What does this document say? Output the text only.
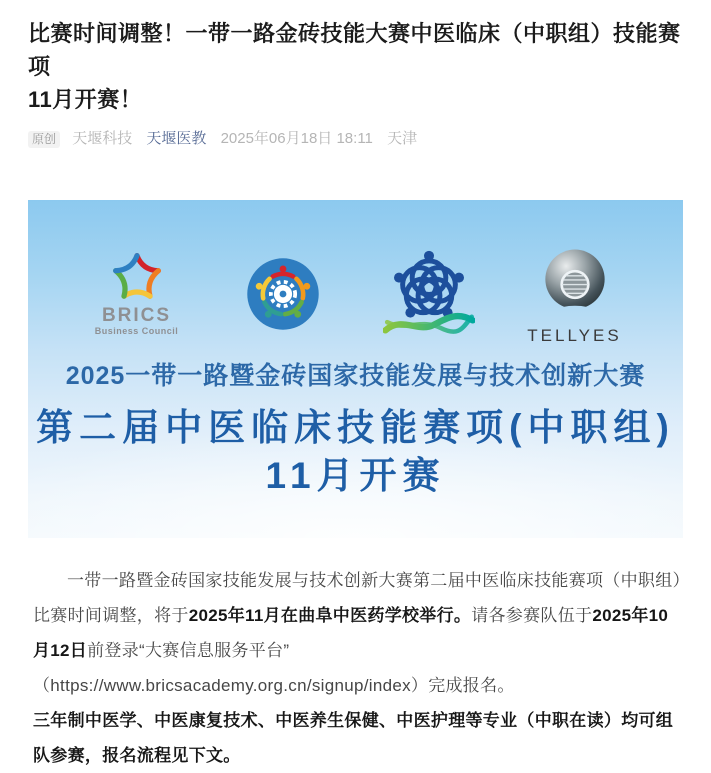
比赛时间调整！一带一路金砖技能大赛中医临床（中职组）技能赛项
11月开赛！
原创 天堰科技 天堰医教 2025年06月18日 18:11 天津
BRICS
Business Council	TELLYES
2025一带一路暨金砖国家技能发展与技术创新大赛
第二届中医临床技能赛项(中职组)
11月开赛

一带一路暨金砖国家技能发展与技术创新大赛第二届中医临床技能赛项（中职组）比赛时间调整，将于2025年11月在曲阜中医药学校举行。请各参赛队伍于2025年10月12日前登录“大赛信息服务平台”（https://www.bricsacademy.org.cn/signup/index）完成报名。

三年制中医学、中医康复技术、中医养生保健、中医护理等专业（中职在读）均可组队参赛，报名流程见下文。
